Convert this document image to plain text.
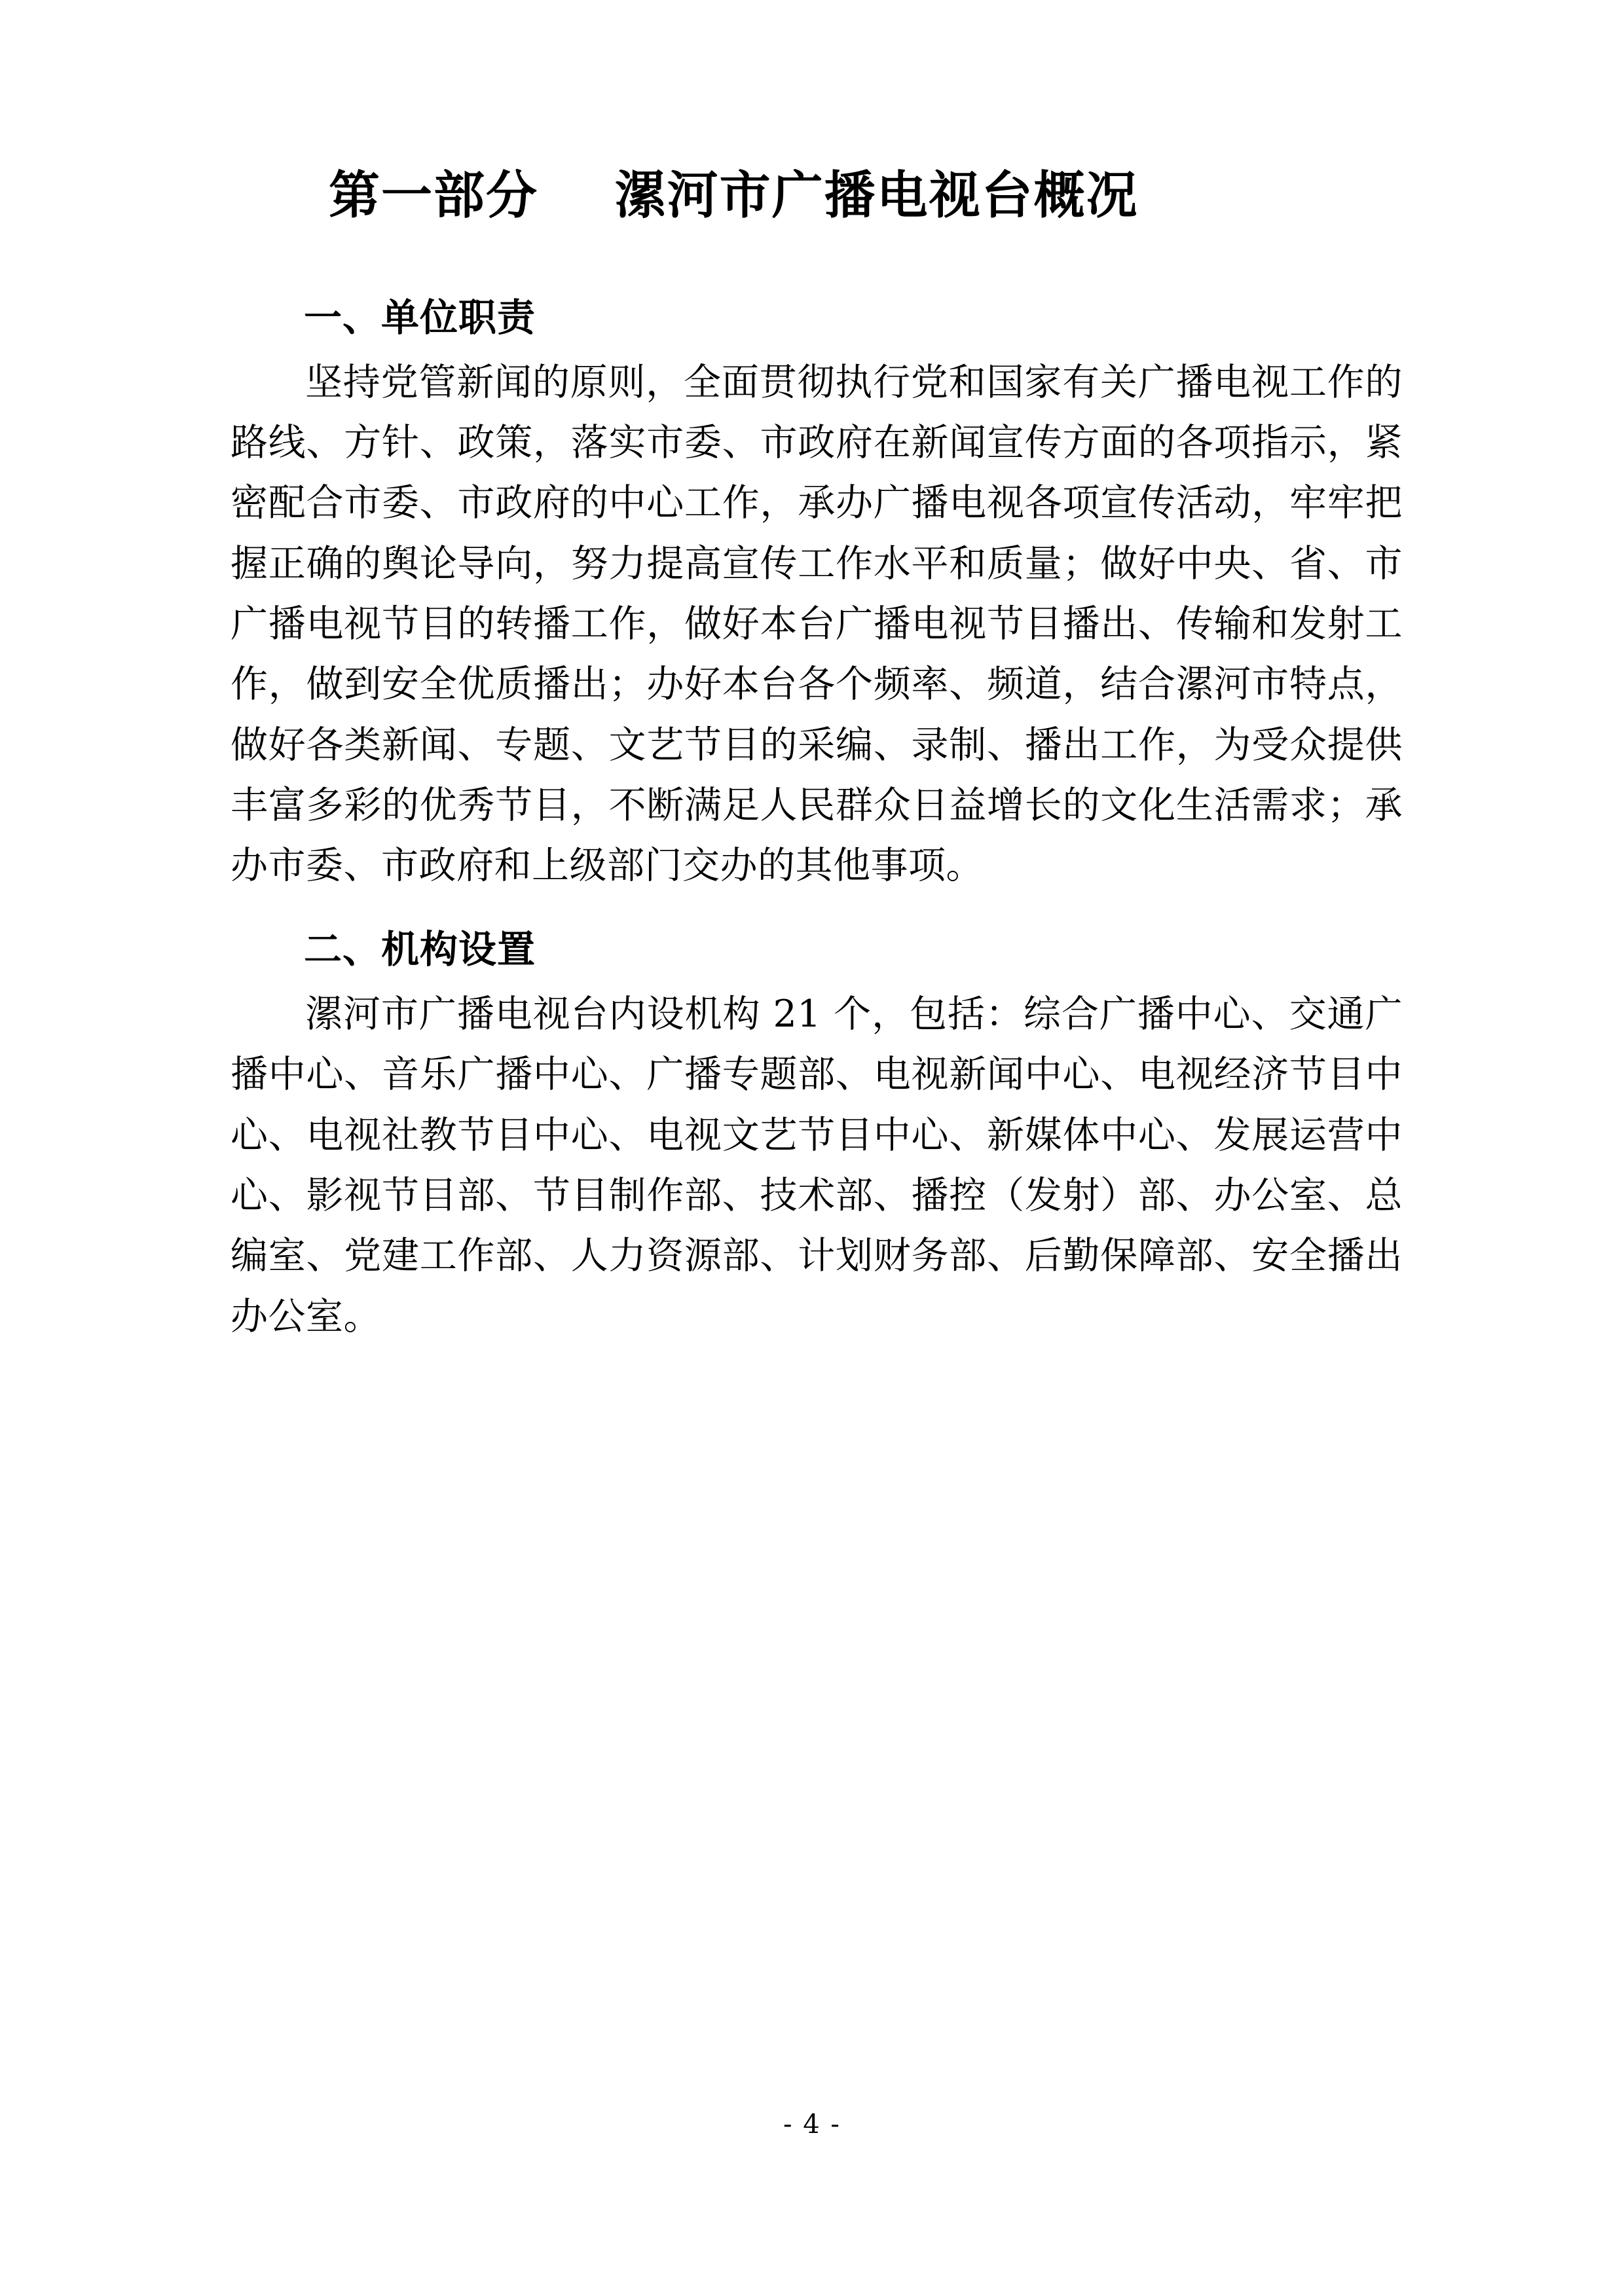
第一部分    漯河市广播电视台概况
一、单位职责

坚持党管新闻的原则，全面贯彻执行党和国家有关广播电视工作的路线、方针、政策，落实市委、市政府在新闻宣传方面的各项指示，紧密配合市委、市政府的中心工作，承办广播电视各项宣传活动，牢牢把握正确的舆论导向，努力提高宣传工作水平和质量；做好中央、省、市广播电视节目的转播工作，做好本台广播电视节目播出、传输和发射工作，做到安全优质播出；办好本台各个频率、频道，结合漯河市特点，做好各类新闻、专题、文艺节目的采编、录制、播出工作，为受众提供丰富多彩的优秀节目，不断满足人民群众日益增长的文化生活需求；承办市委、市政府和上级部门交办的其他事项。

二、机构设置

漯河市广播电视台内设机构 21 个，包括：综合广播中心、交通广播中心、音乐广播中心、广播专题部、电视新闻中心、电视经济节目中心、电视社教节目中心、电视文艺节目中心、新媒体中心、发展运营中心、影视节目部、节目制作部、技术部、播控（发射）部、办公室、总编室、党建工作部、人力资源部、计划财务部、后勤保障部、安全播出办公室。

- 4 -
